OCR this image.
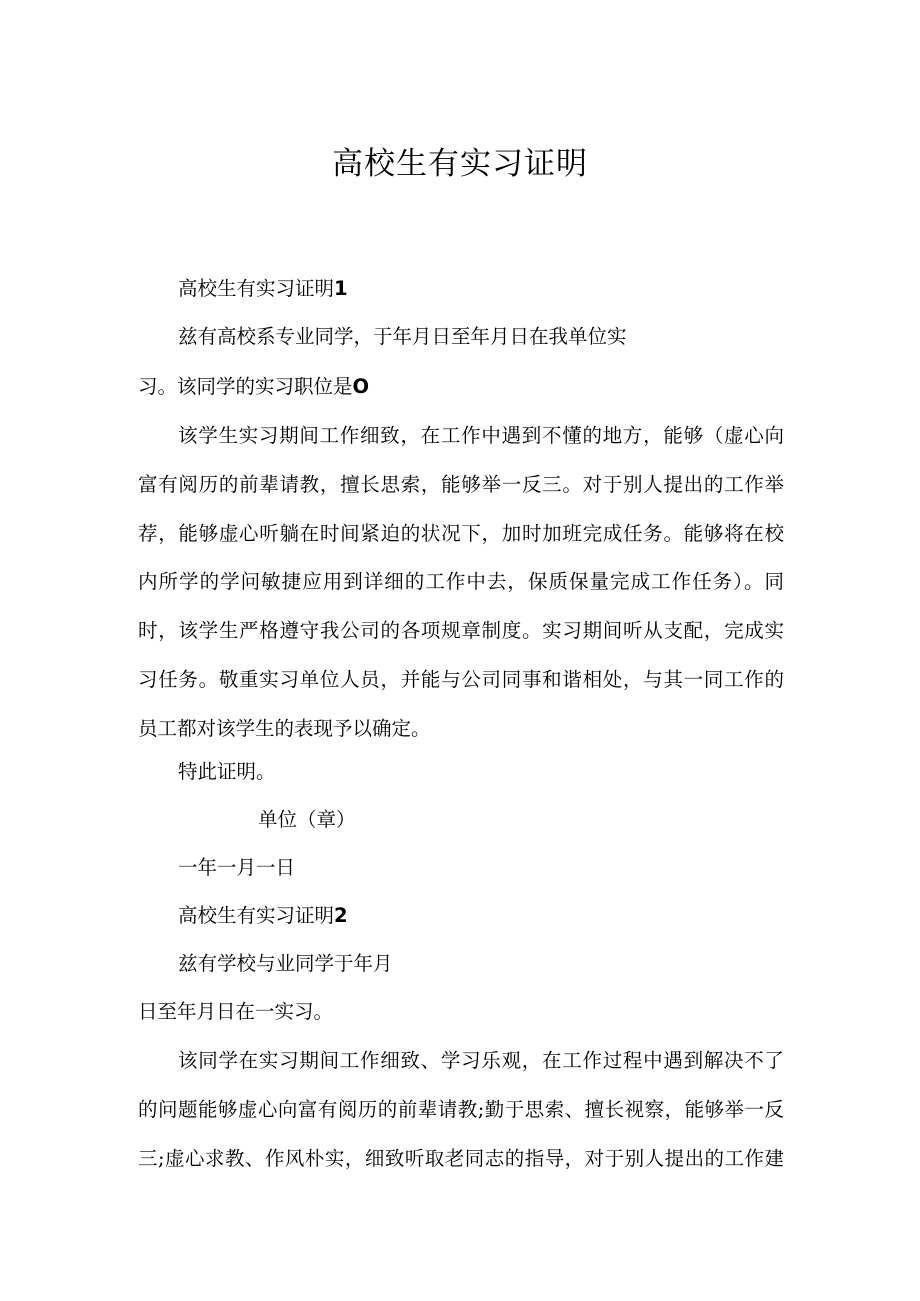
高校生有实习证明

高校生有实习证明1

兹有高校系专业同学，于年月日至年月日在我单位实

习。该同学的实习职位是O

该学生实习期间工作细致，在工作中遇到不懂的地方，能够（虚心向
富有阅历的前辈请教，擅长思索，能够举一反三。对于别人提出的工作举
荐，能够虚心听躺在时间紧迫的状况下，加时加班完成任务。能够将在校
内所学的学问敏捷应用到详细的工作中去，保质保量完成工作任务）。同
时，该学生严格遵守我公司的各项规章制度。实习期间听从支配，完成实
习任务。敬重实习单位人员，并能与公司同事和谐相处，与其一同工作的
员工都对该学生的表现予以确定。

特此证明。

单位（章）

一年一月一日

高校生有实习证明2

兹有学校与业同学于年月

日至年月日在一实习。

该同学在实习期间工作细致、学习乐观，在工作过程中遇到解决不了
的问题能够虚心向富有阅历的前辈请教;勤于思索、擅长视察，能够举一反
三;虚心求教、作风朴实，细致听取老同志的指导，对于别人提出的工作建
